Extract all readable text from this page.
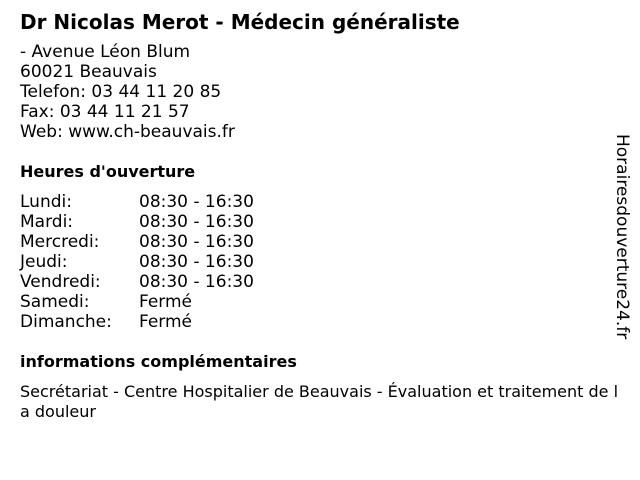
Dr Nicolas Merot - Médecin généraliste
- Avenue Léon Blum
60021 Beauvais
Telefon: 03 44 11 20 85
Fax: 03 44 11 21 57
Web: www.ch-beauvais.fr
Heures d'ouverture
Lundi:	08:30 - 16:30
Mardi:	08:30 - 16:30
Mercredi:	08:30 - 16:30
Jeudi:	08:30 - 16:30
Vendredi:	08:30 - 16:30
Samedi:	Fermé
Dimanche:	Fermé
informations complémentaires
Secrétariat - Centre Hospitalier de Beauvais - Évaluation et traitement de la douleur
Horairesdouverture24.fr
